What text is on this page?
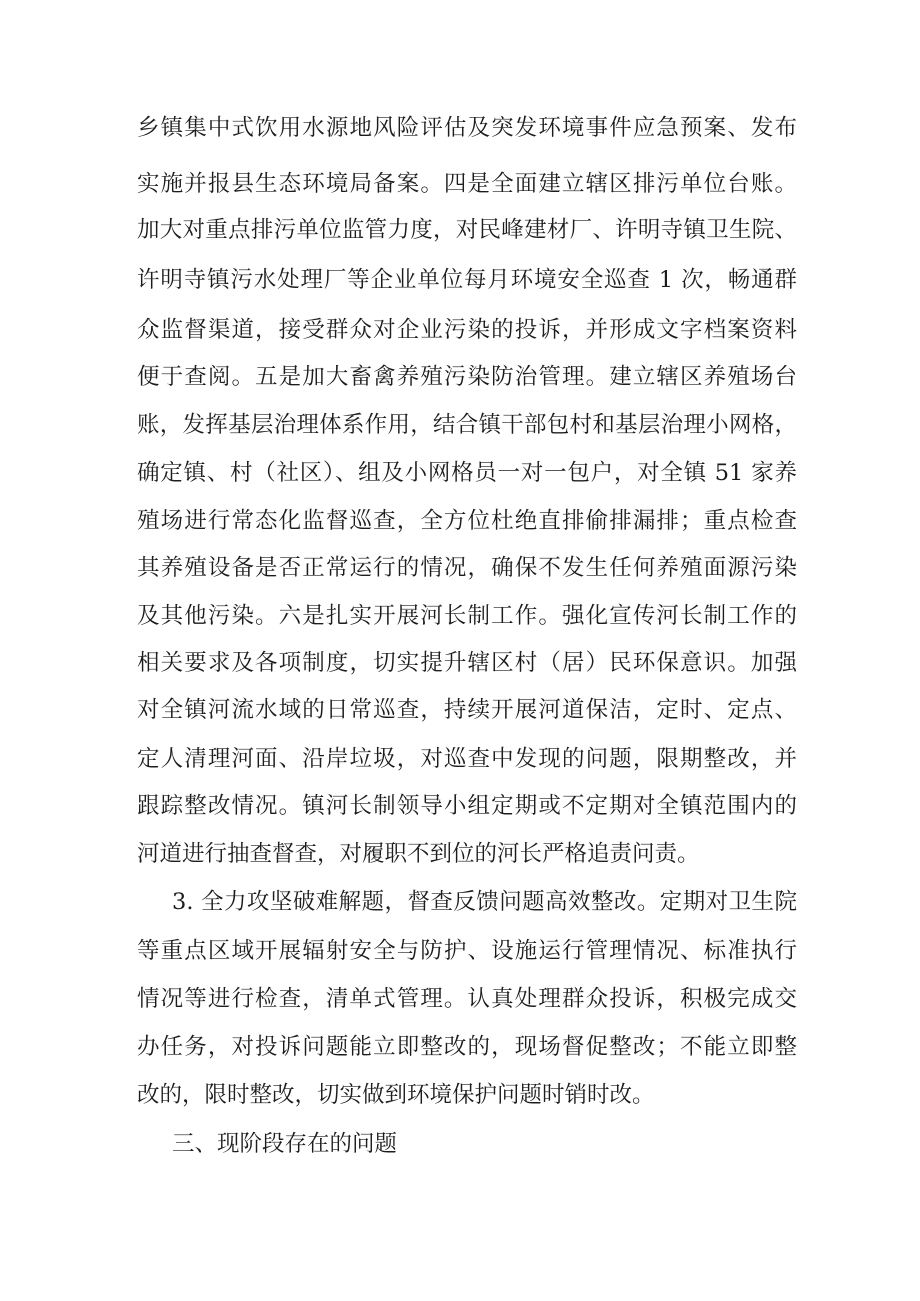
乡镇集中式饮用水源地风险评估及突发环境事件应急预案、发布
实施并报县生态环境局备案。四是全面建立辖区排污单位台账。
加大对重点排污单位监管力度，对民峰建材厂、许明寺镇卫生院、
许明寺镇污水处理厂等企业单位每月环境安全巡查 1 次，畅通群
众监督渠道，接受群众对企业污染的投诉，并形成文字档案资料
便于查阅。五是加大畜禽养殖污染防治管理。建立辖区养殖场台
账，发挥基层治理体系作用，结合镇干部包村和基层治理小网格，
确定镇、村（社区）、组及小网格员一对一包户，对全镇 51 家养
殖场进行常态化监督巡查，全方位杜绝直排偷排漏排；重点检查
其养殖设备是否正常运行的情况，确保不发生任何养殖面源污染
及其他污染。六是扎实开展河长制工作。强化宣传河长制工作的
相关要求及各项制度，切实提升辖区村（居）民环保意识。加强
对全镇河流水域的日常巡查，持续开展河道保洁，定时、定点、
定人清理河面、沿岸垃圾，对巡查中发现的问题，限期整改，并
跟踪整改情况。镇河长制领导小组定期或不定期对全镇范围内的
河道进行抽查督查，对履职不到位的河长严格追责问责。
3. 全力攻坚破难解题，督查反馈问题高效整改。定期对卫生院
等重点区域开展辐射安全与防护、设施运行管理情况、标准执行
情况等进行检查，清单式管理。认真处理群众投诉，积极完成交
办任务，对投诉问题能立即整改的，现场督促整改；不能立即整
改的，限时整改，切实做到环境保护问题时销时改。
三、现阶段存在的问题
